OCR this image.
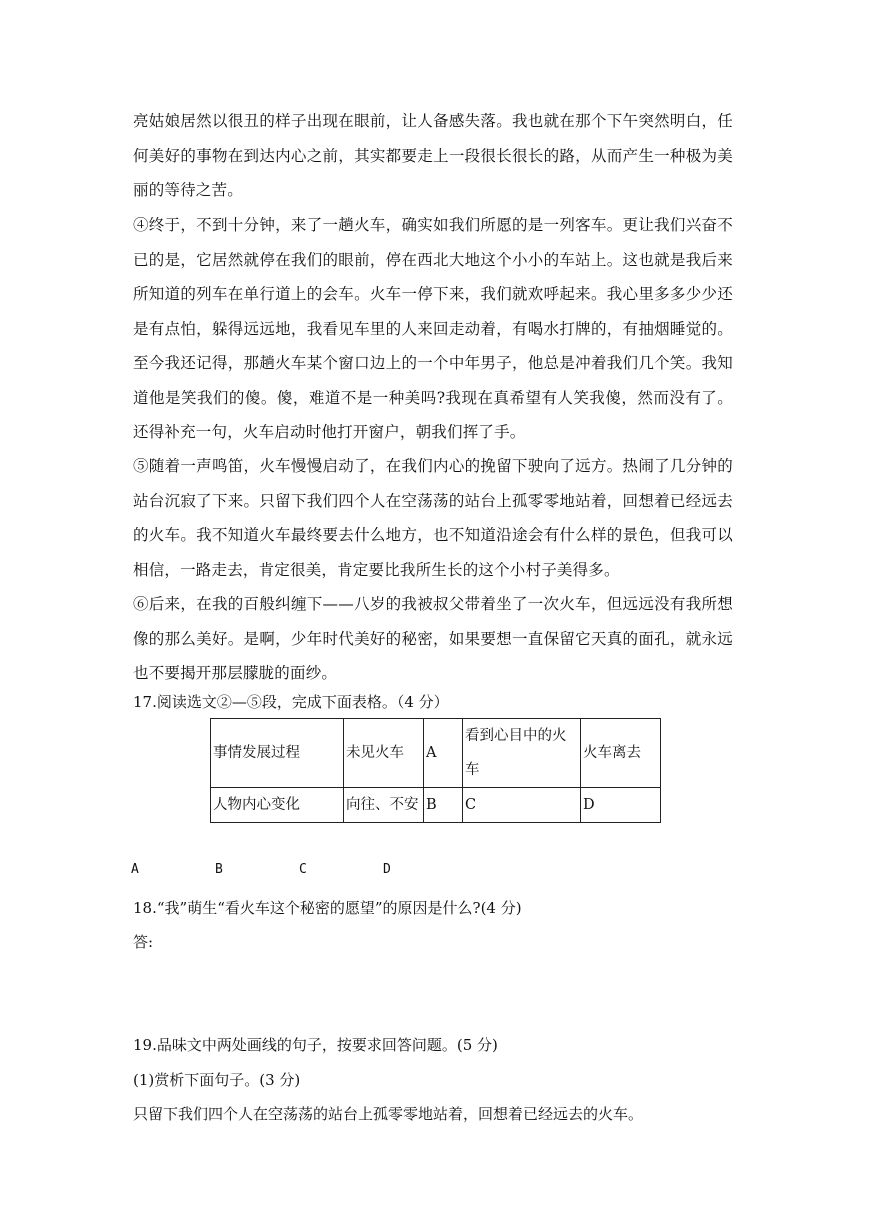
亮姑娘居然以很丑的样子出现在眼前，让人备感失落。我也就在那个下午突然明白，任何美好的事物在到达内心之前，其实都要走上一段很长很长的路，从而产生一种极为美丽的等待之苦。
④终于，不到十分钟，来了一趟火车，确实如我们所愿的是一列客车。更让我们兴奋不已的是，它居然就停在我们的眼前，停在西北大地这个小小的车站上。这也就是我后来所知道的列车在单行道上的会车。火车一停下来，我们就欢呼起来。我心里多多少少还是有点怕，躲得远远地，我看见车里的人来回走动着，有喝水打牌的，有抽烟睡觉的。至今我还记得，那趟火车某个窗口边上的一个中年男子，他总是冲着我们几个笑。我知道他是笑我们的傻。傻，难道不是一种美吗?我现在真希望有人笑我傻，然而没有了。还得补充一句，火车启动时他打开窗户，朝我们挥了手。
⑤随着一声鸣笛，火车慢慢启动了，在我们内心的挽留下驶向了远方。热闹了几分钟的站台沉寂了下来。只留下我们四个人在空荡荡的站台上孤零零地站着，回想着已经远去的火车。我不知道火车最终要去什么地方，也不知道沿途会有什么样的景色，但我可以相信，一路走去，肯定很美，肯定要比我所生长的这个小村子美得多。
⑥后来，在我的百般纠缠下——八岁的我被叔父带着坐了一次火车，但远远没有我所想像的那么美好。是啊，少年时代美好的秘密，如果要想一直保留它天真的面孔，就永远也不要揭开那层朦胧的面纱。
17.阅读选文②—⑤段，完成下面表格。（4 分）
事情发展过程	未见火车	A	看到心目中的火车	火车离去
人物内心变化	向往、不安	B	C	D
A	B	C	D
18.“我”萌生“看火车这个秘密的愿望”的原因是什么?(4 分)
答:
19.品味文中两处画线的句子，按要求回答问题。(5 分)
(1)赏析下面句子。(3 分)
只留下我们四个人在空荡荡的站台上孤零零地站着，回想着已经远去的火车。
